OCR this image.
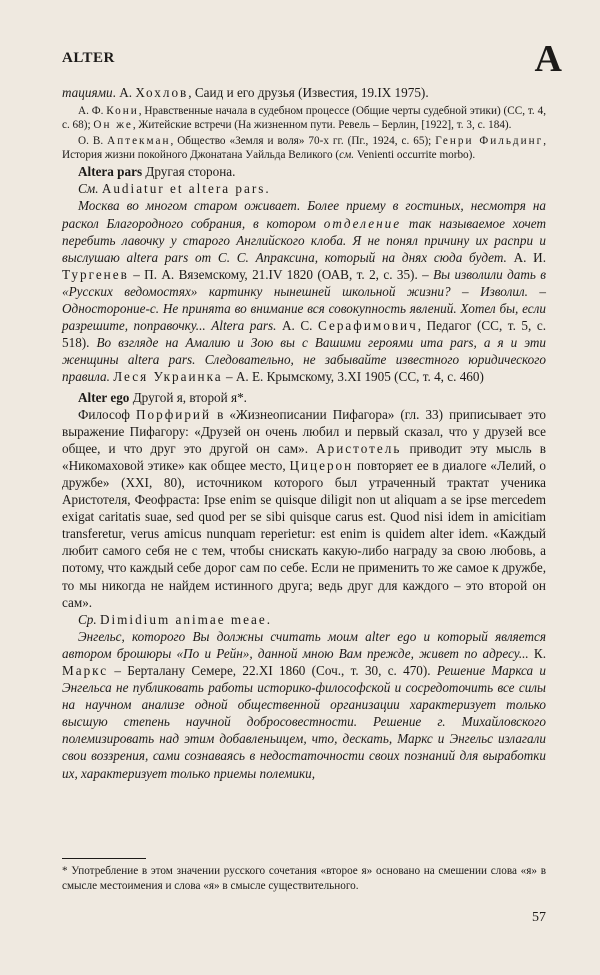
ALTER	A

тациями. А. Хохлов, Саид и его друзья (Известия, 19.IX 1975).

А. Ф. Кони, Нравственные начала в судебном процессе (Общие черты судебной этики) (СС, т. 4, с. 68); Он же, Житейские встречи (На жизненном пути. Ревель – Берлин, [1922], т. 3, с. 184).

О. В. Аптекман, Общество «Земля и воля» 70-х гг. (Пг., 1924, с. 65); Генри Фильдинг, История жизни покойного Джонатана Уайльда Великого (см. Venienti occurrite morbo).

Altera pars Другая сторона.

См. Audiatur et altera pars.

Москва во многом старом оживает. Более приему в гостиных, несмотря на раскол Благородного собрания, в котором отделение так называемое хочет перебить лавочку у старого Английского клоба. Я не понял причину их распри и выслушаю altera pars от С. С. Апраксина, который на днях сюда будет. А. И. Тургенев – П. А. Вяземскому, 21.IV 1820 (ОАВ, т. 2, с. 35). – Вы изволили дать в «Русских ведомостях» картинку нынешней школьной жизни? – Изволил. – Одностороние-с. Не принята во внимание вся совокупность явлений. Хотел бы, если разрешите, поправочку... Altera pars. А. С. Серафимович, Педагог (СС, т. 5, с. 518). Во взгляде на Амалию и Зою вы с Вашими героями ита pars, а я и эти женщины altera pars. Следовательно, не забывайте известного юридического правила. Леся Украинка – А. Е. Крымскому, 3.XI 1905 (СС, т. 4, с. 460)

Alter ego Другой я, второй я*.

Философ Порфирий в «Жизнеописании Пифагора» (гл. 33) приписывает это выражение Пифагору: «Друзей он очень любил и первый сказал, что у друзей все общее, и что друг это другой он сам». Аристотель приводит эту мысль в «Никомаховой этике» как общее место, Цицерон повторяет ее в диалоге «Лелий, о дружбе» (XXI, 80), источником которого был утраченный трактат ученика Аристотеля, Феофраста: Ipse enim se quisque diligit non ut aliquam a se ipse mercedem exigat caritatis suae, sed quod per se sibi quisque carus est. Quod nisi idem in amicitiam transferetur, verus amicus nunquam reperietur: est enim is quidem alter idem. «Каждый любит самого себя не с тем, чтобы снискать какую-либо награду за свою любовь, а потому, что каждый себе дорог сам по себе. Если не применить то же самое к дружбе, то мы никогда не найдем истинного друга; ведь друг для каждого – это второй он сам».

Ср. Dimidium animae meae.

Энгельс, которого Вы должны считать моим alter ego и который является автором брошюры «По и Рейн», данной мною Вам прежде, живет по адресу... К. Маркс – Берталану Семере, 22.XI 1860 (Соч., т. 30, с. 470). Решение Маркса и Энгельса не публиковать работы историко-философской и сосредоточить все силы на научном анализе одной общественной организации характеризует только высшую степень научной добросовестности. Решение г. Михайловского полемизировать над этим добавленьицем, что, дескать, Маркс и Энгельс излагали свои воззрения, сами сознаваясь в недостаточности своих познаний для выработки их, характеризует только приемы полемики,

* Употребление в этом значении русского сочетания «второе я» основано на смешении слова «я» в смысле местоимения и слова «я» в смысле существительного.
57
